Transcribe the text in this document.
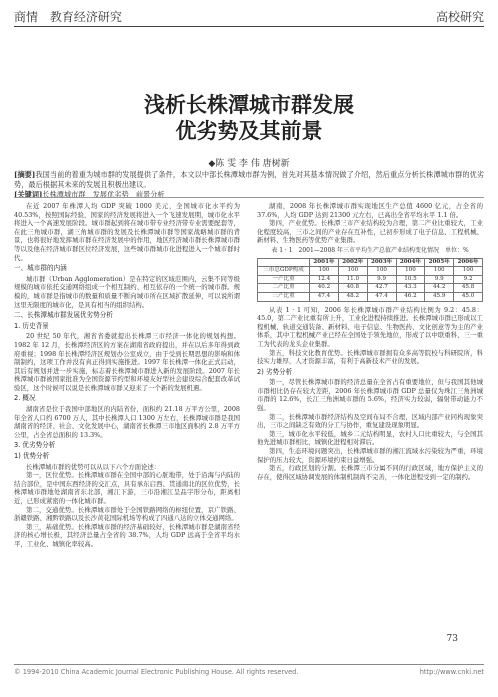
商情 教育经济研究	高校研究
浅析长株潭城市群发展
优劣势及其前景
◆陈 雯 李 伟 唐树新
[摘要]我国当前的着重为城市群的发展提供了条件，本文以中部长株潭城市群为例，首先对其基本情况做了介绍，然后重点分析长株潭城市群的优劣势，最后根据其未来的发展且积极出建议。
[关键词]长株潭城市群　发展优劣势　前景分析

在近 2007 年株潭人均 GDP 突破 1000 美元，全国城市化水平约为 40.53%，按照国际经验，国家的经济发展将进入一个飞速发展期，城市化水平将进入一个高速发展阶段。城市群起到将在城市带专业经济带专业需要配套等，在此三角城市群，湖三角城市群的发展及长株潭城市群等国家战略城市群的背景，也将很好地发挥城市群在经济发展中的作用，地区经济城市群长株潭城市群等以及他在经济城市群区位经济发展，这些城市群城市化进程进入一个城市群时代。

一、城市群的内涵

城市群（Urban Agglomeration）是在特定的区域范围内，云集不同等级规模的城市依托交通网络组成一个相互制约、相互依存的一个统一的城市群。规模的，城市群是指城市的数量和质量不断向城市所在区域扩散延伸，可以说所谓这里无限度的城市化，是具有相当的组织结构。

二、长株潭城市群发展优劣势分析
1. 历史背景

20 世纪 50 年代，湘省省委就提出长株潭三市经济一体化的规划构想。1982 年 12 月，长株潭经济区的方案在湖南省政府提出，并在以后多年得到政府重视；1998 年长株潭经济区规划办公室成立，由于受到长期思想的影响和体制制约，这项工作并没有真正得到实施推进。1997 年长株潭一体化正式启动，其后有规划并进一步实施，标志着长株潭城市群进入新的发展阶段。2007 年长株潭城市群被国家批准为全国资源节约型和环境友好型社会建设综合配套改革试验区，这个时候可以说是长株潭城市群又迎来了一个新的发展机遇。

2. 概况

湖南省是位于我国中部地区的内陆省份，面积约 21.18 万平方公里，2008 年全省人口约 6700 万人，其中长株潭人口 1300 万左右，长株潭城市群是我国湖南省的经济、社会、文化发展中心，湖南省长株潭三市地区面积约 2.8 万平方公里，占全省总面积的 13.3%。

3. 优劣势分析
1) 优势分析

长株潭城市群的优势可以从以下六个方面论述：

第一，区位优势。长株潭城市群在全国中部的心脏地带，处于沿海与内陆的结合部位，是中国东西经济的交汇点，具有承东启西、贯通南北的区位优势，长株潭城市群地处湖南省东北部，湘江下游，三市沿湘江呈品字形分布，距离相近，已形成紧密的一体化城市群。

第二，交通优势。长株潭城市群处于全国铁路网络的枢纽位置，京广铁路、浙赣铁路、湘黔铁路以及长沙黄花国际机场等构成了四通八达的立体交通网络。

第三，基础优势。长株潭城市群的经济基础较好，长株潭城市群是湖南省经济的核心增长极，其经济总量占全省的 38.7%，人均 GDP 远高于全省平均水平，工业化、城镇化率较高。

湖南，2008 年长株潭城市群实现地区生产总值 4600 亿元，占全省的 37.6%，人均 GDP 达到 21300 元左右，已高出全省平均水平 1.1 倍。

第四，产业优势。长株潭三市产业结构较为合理，第二产业比重较大，工业化程度较高，三市之间的产业存在互补性，已初步形成了电子信息、工程机械、新材料、生物医药等优势产业集群。

表 1 · 1　2001—2008 年三市平均生产总值产业结构变化情况　单位：%
	2001年	2002年	2003年	2004年	2005年	2006年
三市总GDP构成	100	100	100	100	100	100
一产比重	12.4	11.0	9.9	10.5	9.9	9.2
二产比重	40.2	40.8	42.7	43.3	44.2	45.8
三产比重	47.4	48.2	47.4	46.2	45.9	45.0

从表 1 · 1 可知，2006 年长株潭城市群产业结构比例为 9.2：45.8：45.0，第二产业比重有所上升，工业化进程持续推进。长株潭城市群已形成以工程机械、轨道交通装备、新材料、电子信息、生物医药、文化创意等为主的产业体系，其中工程机械产业已经在全国处于领先地位，形成了以中联重科、三一重工为代表的龙头企业集群。

第五，科技文化教育优势。长株潭城市群拥有众多高等院校与科研院所，科技实力雄厚，人才资源丰富，有利于高新技术产业的发展。

2) 劣势分析

第一，尽管长株潭城市群的经济总量在全省占有重要地位，但与我国其他城市群相比仍存在较大差距，2006 年长株潭城市群 GDP 总量仅为珠江三角洲城市群的 12.6%，长江三角洲城市群的 5.6%，经济实力较弱，辐射带动能力不强。

第二，长株潭城市群经济结构及空间布局不合理，区域内部产业同构现象突出，三市之间缺乏有效的分工与协作，重复建设现象明显。

第三，城市化水平较低，城乡二元结构明显，农村人口比重较大，与全国其他先进城市群相比，城镇化进程相对滞后。

第四，生态环境问题突出，长株潭城市群的湘江流域水污染较为严重，环境保护的压力较大，资源环境约束日益增强。

第五，行政区划的分割。长株潭三市分属不同的行政区域，地方保护主义的存在，使得区域协调发展的体制机制尚不完善，一体化进程受到一定的制约。

73
© 1994-2010 China Academic Journal Electronic Publishing House. All rights reserved.	http://www.cnki.net
